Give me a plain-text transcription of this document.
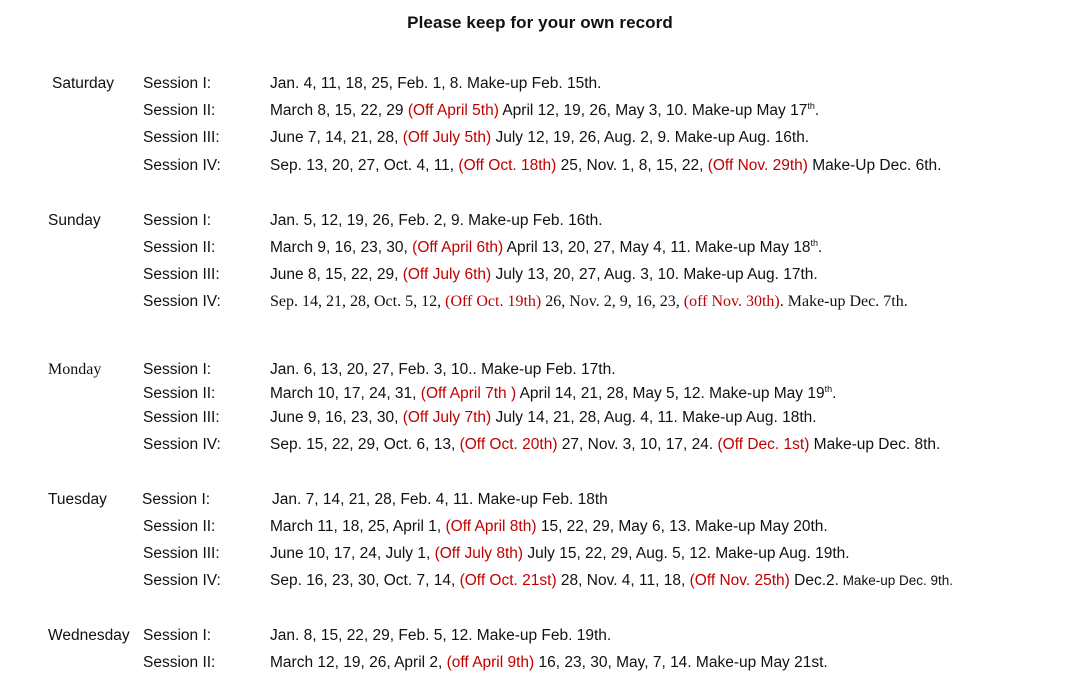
Please keep for your own record
Saturday Session I:	Jan. 4, 11, 18, 25, Feb. 1, 8. Make-up Feb. 15th.
Session II:	March 8, 15, 22, 29 (Off April 5th) April 12, 19, 26, May 3, 10. Make-up May 17th.
Session III:	June 7, 14, 21, 28, (Off July 5th) July 12, 19, 26, Aug. 2, 9. Make-up Aug. 16th.
Session IV:	Sep. 13, 20, 27, Oct. 4, 11, (Off Oct. 18th) 25, Nov. 1, 8, 15, 22, (Off Nov. 29th) Make-Up Dec. 6th.
Sunday	Session I:	Jan. 5, 12, 19, 26, Feb. 2, 9. Make-up Feb. 16th.
Session II:	March 9, 16, 23, 30, (Off April 6th) April 13, 20, 27, May 4, 11. Make-up May 18th.
Session III:	June 8, 15, 22, 29, (Off July 6th) July 13, 20, 27, Aug. 3, 10. Make-up Aug. 17th.
Session IV:	Sep. 14, 21, 28, Oct. 5, 12, (Off Oct. 19th) 26, Nov. 2, 9, 16, 23, (off Nov. 30th). Make-up Dec. 7th.
Monday	Session I:	Jan. 6, 13, 20, 27, Feb. 3, 10.. Make-up Feb. 17th.
Session II:	March 10, 17, 24, 31, (Off April 7th ) April 14, 21, 28, May 5, 12. Make-up May 19th.
Session III:	June 9, 16, 23, 30, (Off July 7th) July 14, 21, 28, Aug. 4, 11. Make-up Aug. 18th.
Session IV:	Sep. 15, 22, 29, Oct. 6, 13, (Off Oct. 20th) 27, Nov. 3, 10, 17, 24. (Off Dec. 1st) Make-up Dec. 8th.
Tuesday Session I:	Jan. 7, 14, 21, 28, Feb. 4, 11. Make-up Feb. 18th
Session II:	March 11, 18, 25, April 1, (Off April 8th) 15, 22, 29, May 6, 13. Make-up May 20th.
Session III:	June 10, 17, 24, July 1, (Off July 8th) July 15, 22, 29, Aug. 5, 12. Make-up Aug. 19th.
Session IV:	Sep. 16, 23, 30, Oct. 7, 14, (Off Oct. 21st) 28, Nov. 4, 11, 18, (Off Nov. 25th) Dec.2. Make-up Dec. 9th.
Wednesday Session I:	Jan. 8, 15, 22, 29, Feb. 5, 12. Make-up Feb. 19th.
Session II:	March 12, 19, 26, April 2, (off April 9th) 16, 23, 30, May, 7, 14. Make-up May 21st.
